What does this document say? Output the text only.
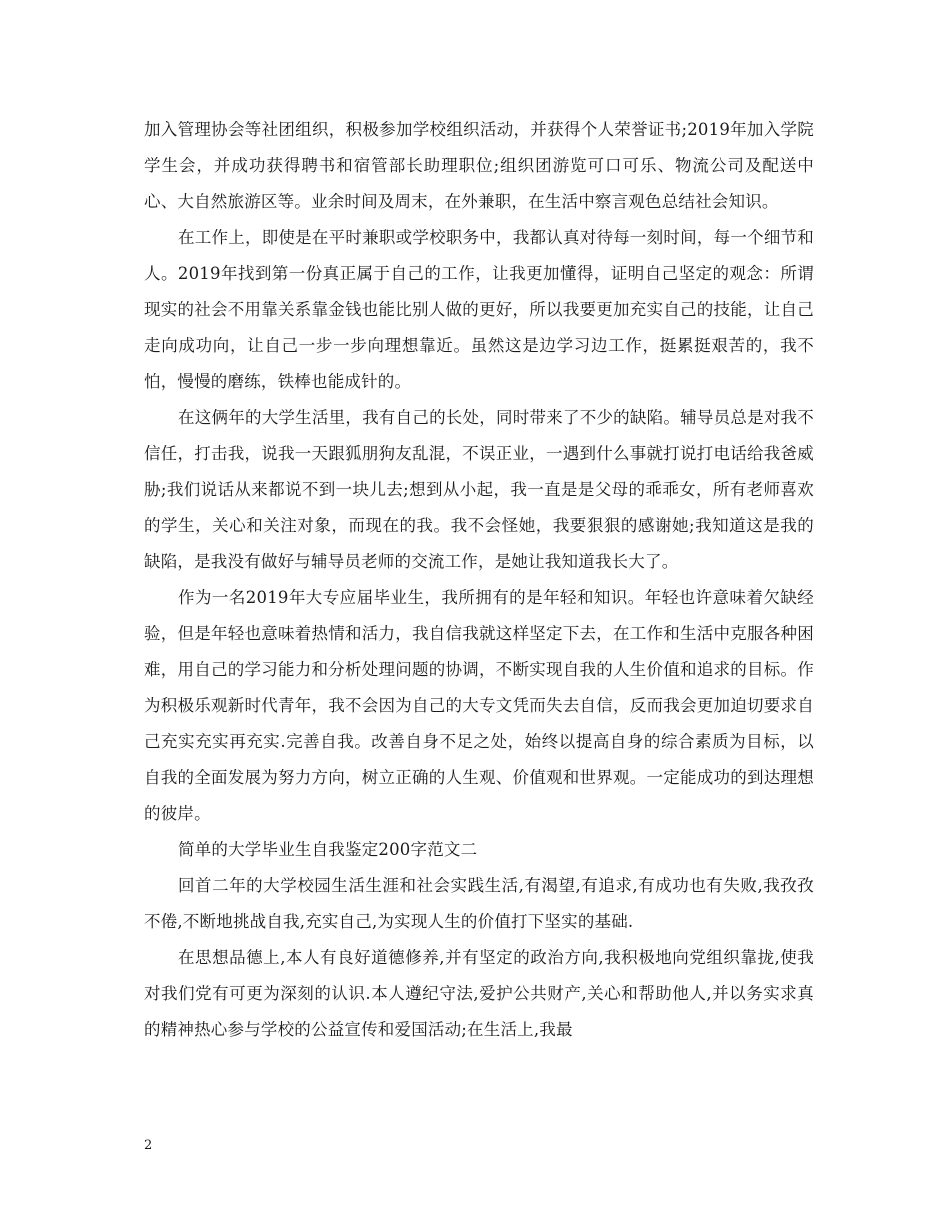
加入管理协会等社团组织，积极参加学校组织活动，并获得个人荣誉证书;2019年加入学院学生会，并成功获得聘书和宿管部长助理职位;组织团游览可口可乐、物流公司及配送中心、大自然旅游区等。业余时间及周末，在外兼职，在生活中察言观色总结社会知识。

在工作上，即使是在平时兼职或学校职务中，我都认真对待每一刻时间，每一个细节和人。2019年找到第一份真正属于自己的工作，让我更加懂得，证明自己坚定的观念：所谓现实的社会不用靠关系靠金钱也能比别人做的更好，所以我要更加充实自己的技能，让自己走向成功向，让自己一步一步向理想靠近。虽然这是边学习边工作，挺累挺艰苦的，我不怕，慢慢的磨练，铁棒也能成针的。

在这俩年的大学生活里，我有自己的长处，同时带来了不少的缺陷。辅导员总是对我不信任，打击我，说我一天跟狐朋狗友乱混，不误正业，一遇到什么事就打说打电话给我爸威胁;我们说话从来都说不到一块儿去;想到从小起，我一直是是父母的乖乖女，所有老师喜欢的学生，关心和关注对象，而现在的我。我不会怪她，我要狠狠的感谢她;我知道这是我的缺陷，是我没有做好与辅导员老师的交流工作，是她让我知道我长大了。

作为一名2019年大专应届毕业生，我所拥有的是年轻和知识。年轻也许意味着欠缺经验，但是年轻也意味着热情和活力，我自信我就这样坚定下去，在工作和生活中克服各种困难，用自己的学习能力和分析处理问题的协调，不断实现自我的人生价值和追求的目标。作为积极乐观新时代青年，我不会因为自己的大专文凭而失去自信，反而我会更加迫切要求自己充实充实再充实.完善自我。改善自身不足之处，始终以提高自身的综合素质为目标，以自我的全面发展为努力方向，树立正确的人生观、价值观和世界观。一定能成功的到达理想的彼岸。

简单的大学毕业生自我鉴定200字范文二

回首二年的大学校园生活生涯和社会实践生活,有渴望,有追求,有成功也有失败,我孜孜不倦,不断地挑战自我,充实自己,为实现人生的价值打下坚实的基础.

在思想品德上,本人有良好道德修养,并有坚定的政治方向,我积极地向党组织靠拢,使我对我们党有可更为深刻的认识.本人遵纪守法,爱护公共财产,关心和帮助他人,并以务实求真的精神热心参与学校的公益宣传和爱国活动;在生活上,我最

2
